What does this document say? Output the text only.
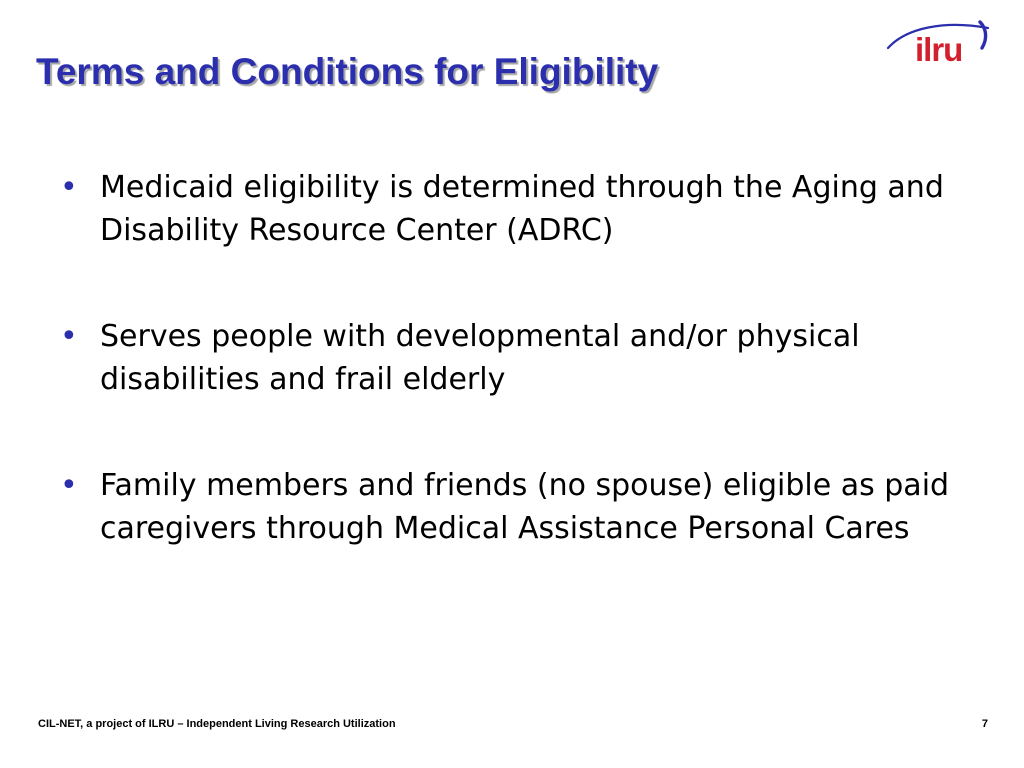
Terms and Conditions for Eligibility
ilru
• Medicaid eligibility is determined through the Aging and Disability Resource Center (ADRC)
• Serves people with developmental and/or physical disabilities and frail elderly
• Family members and friends (no spouse) eligible as paid caregivers through Medical Assistance Personal Cares
CIL-NET, a project of ILRU – Independent Living Research Utilization	7
